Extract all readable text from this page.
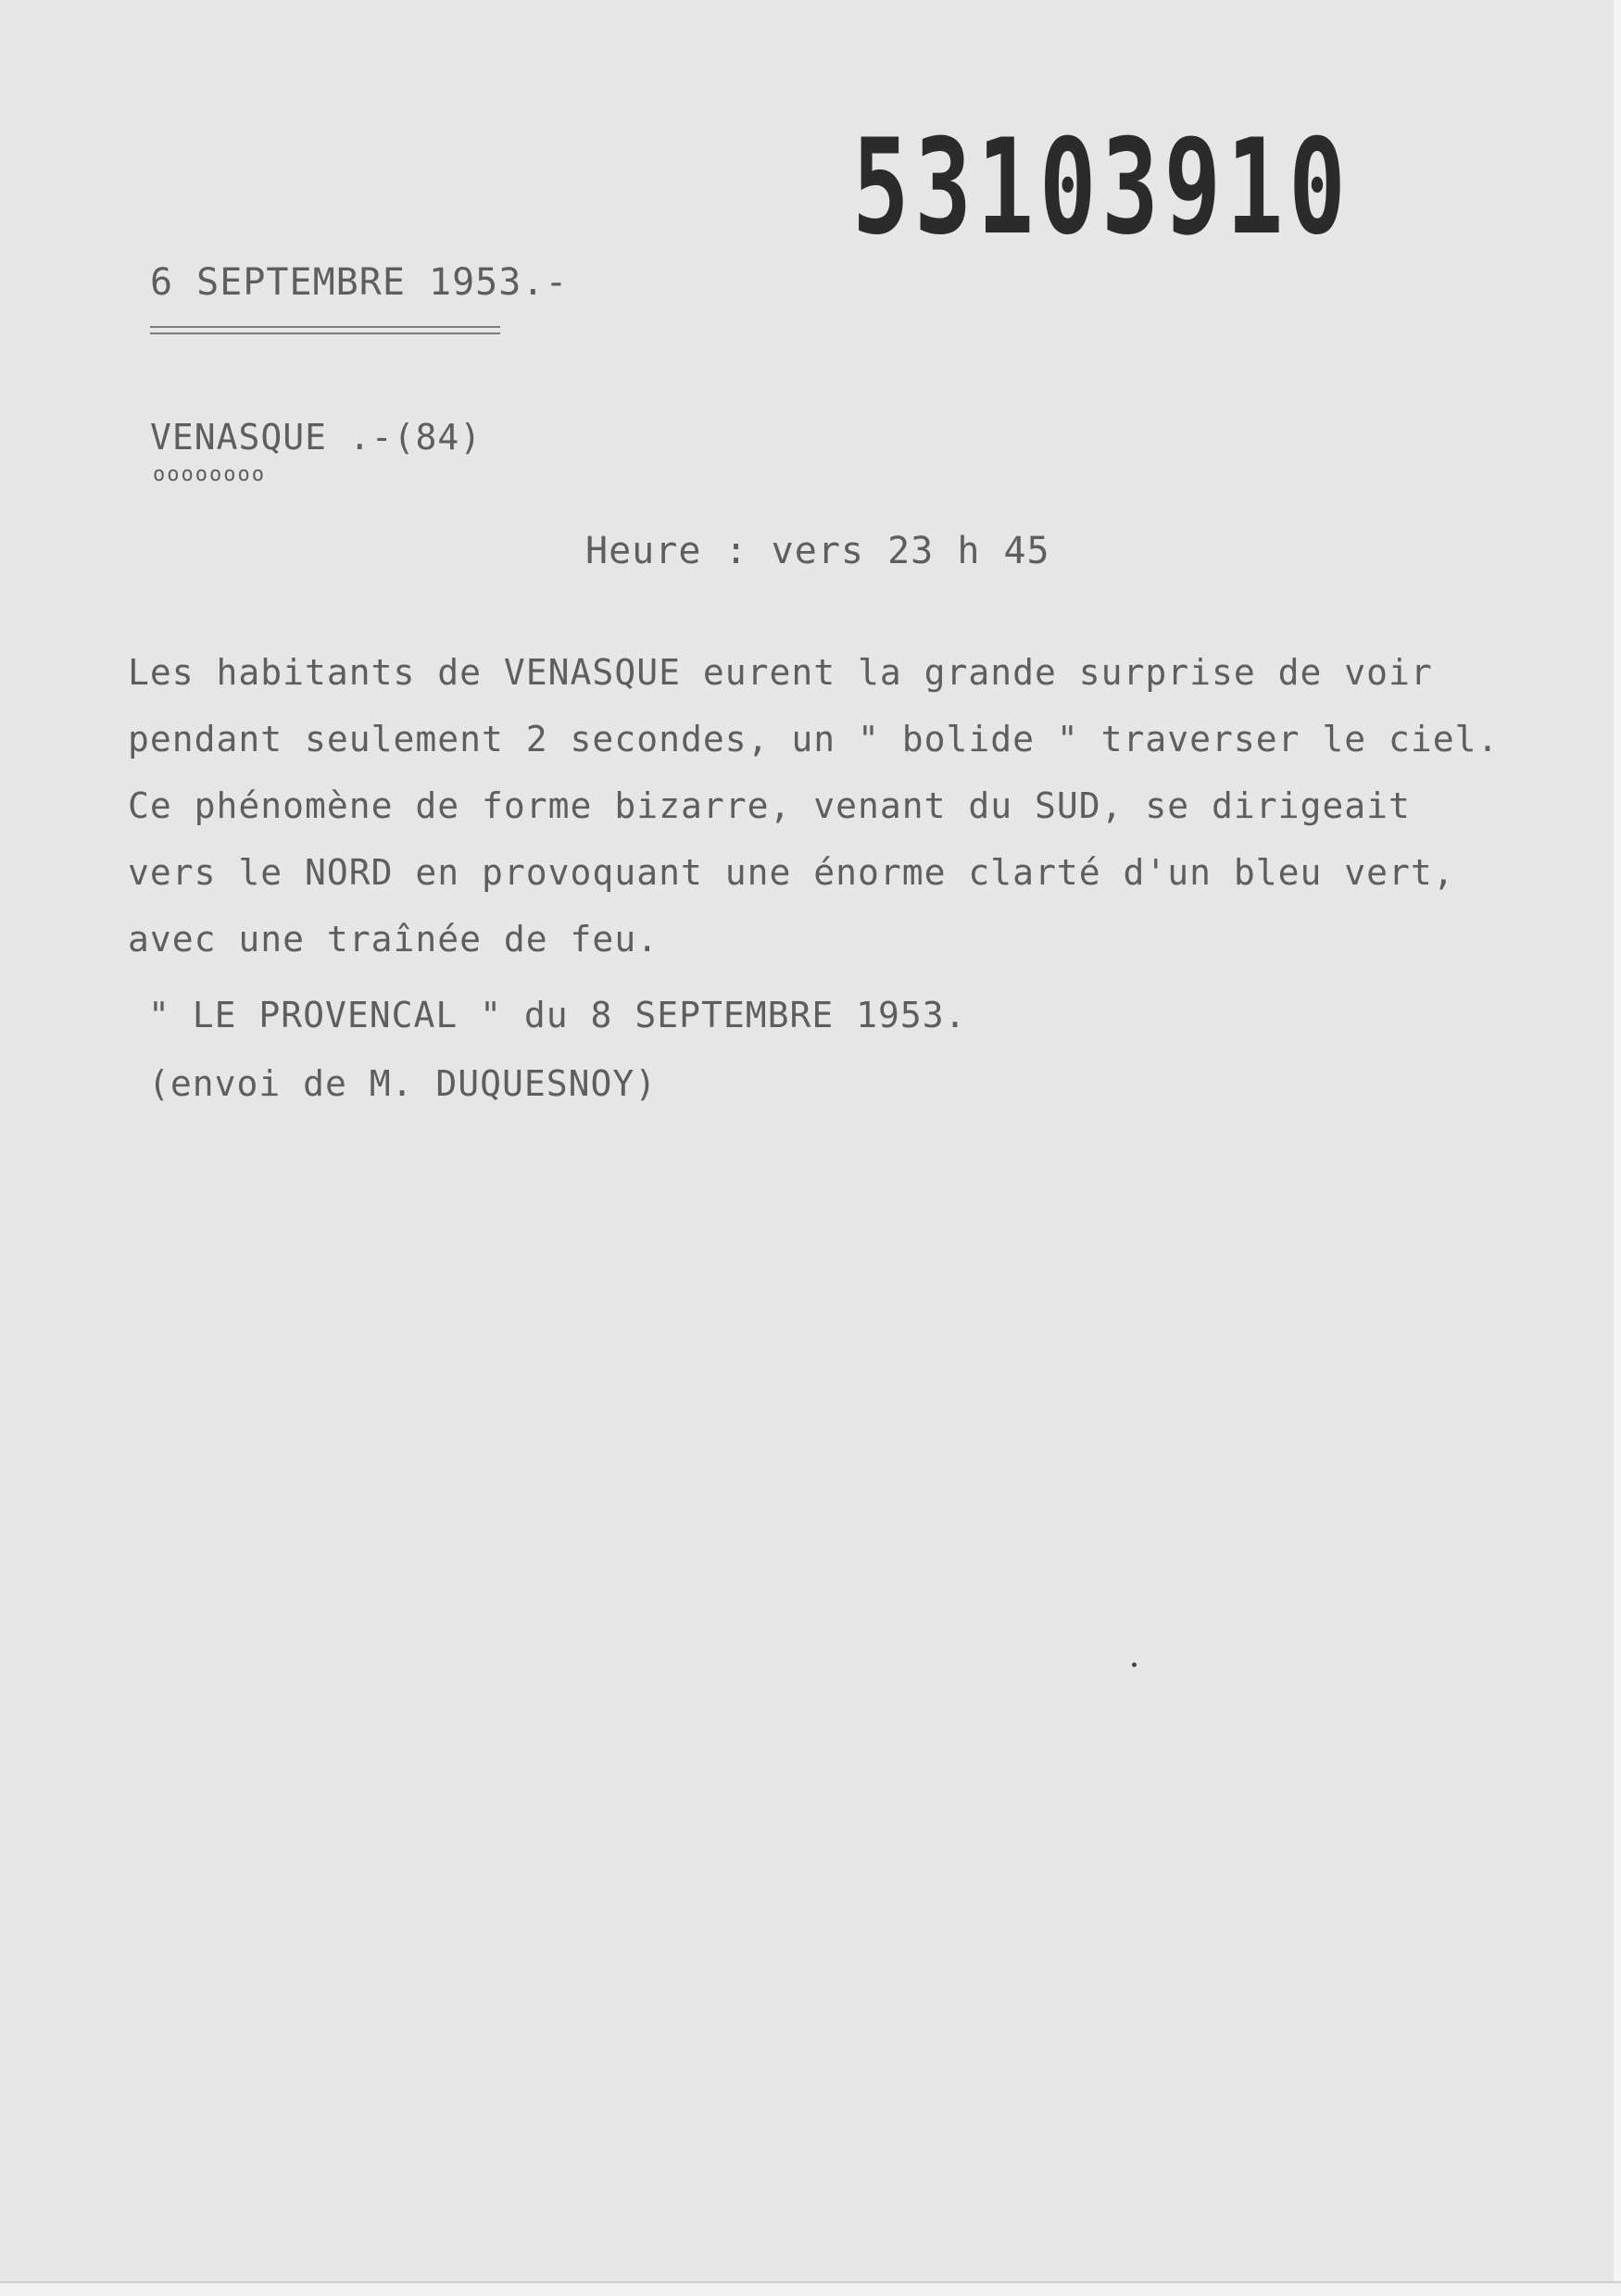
53103910
6 SEPTEMBRE 1953.-
VENASQUE .-(84)
oooooooo
Heure : vers 23 h 45
Les habitants de VENASQUE eurent la grande surprise de voir
pendant seulement 2 secondes, un " bolide " traverser le ciel.
Ce phénomène de forme bizarre, venant du SUD, se dirigeait
vers le NORD en provoquant une énorme clarté d'un bleu vert,
avec une traînée de feu.
" LE PROVENCAL " du 8 SEPTEMBRE 1953.
(envoi de M. DUQUESNOY)
